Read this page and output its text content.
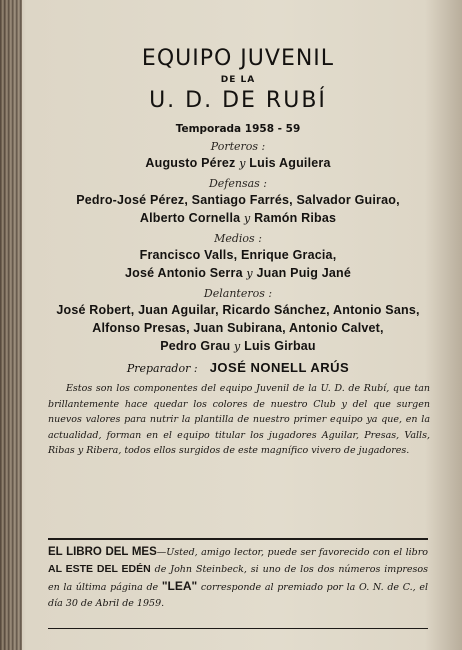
EQUIPO JUVENIL
DE LA
U. D. DE RUBÍ
Temporada 1958 - 59
Porteros :
Augusto Pérez y Luis Aguilera
Defensas :
Pedro-José Pérez, Santiago Farrés, Salvador Guirao,
Alberto Cornella y Ramón Ribas
Medios :
Francisco Valls, Enrique Gracia,
José Antonio Serra y Juan Puig Jané
Delanteros :
José Robert, Juan Aguilar, Ricardo Sánchez, Antonio Sans,
Alfonso Presas, Juan Subirana, Antonio Calvet,
Pedro Grau y Luis Girbau
Preparador : JOSÉ NONELL ARÚS
Estos son los componentes del equipo Juvenil de la U. D. de Rubí, que tan brillantemente hace quedar los colores de nuestro Club y del que surgen nuevos valores para nutrir la plantilla de nuestro primer equipo ya que, en la actualidad, forman en el equipo titular los jugadores Aguilar, Presas, Valls, Ribas y Ribera, todos ellos surgidos de este magnífico vivero de jugadores.
EL LIBRO DEL MES—Usted, amigo lector, puede ser favorecido con el libro AL ESTE DEL EDÉN de John Steinbeck, si uno de los dos números impresos en la última página de "LEA" corresponde al premiado por la O. N. de C., el día 30 de Abril de 1959.
